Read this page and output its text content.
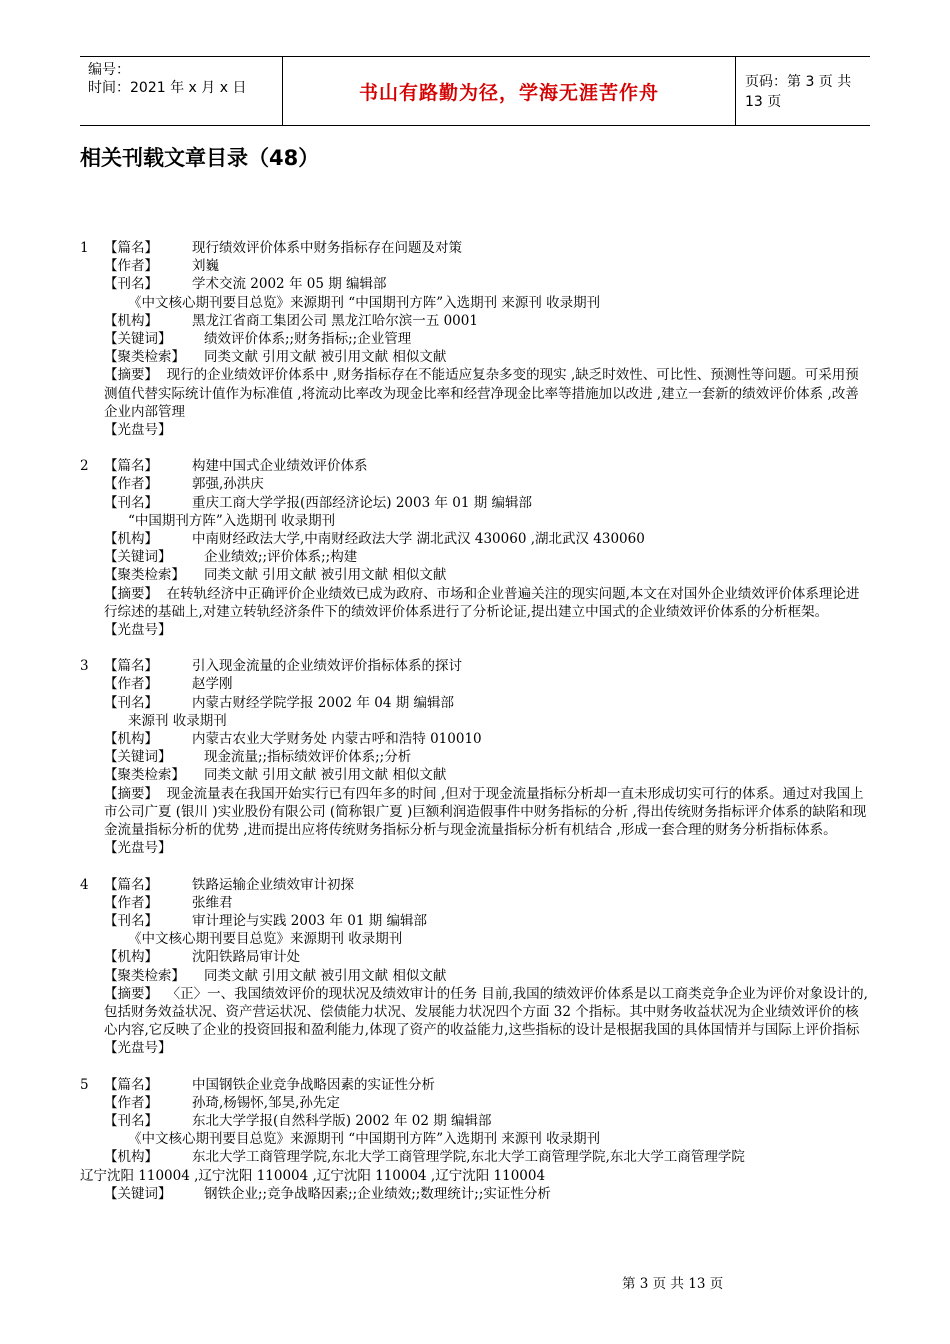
编号：
时间：2021 年 x 月 x 日	书山有路勤为径，学海无涯苦作舟	页码：第 3 页 共 13 页
相关刊载文章目录（48）
1 【篇名】	现行绩效评价体系中财务指标存在问题及对策
【作者】	刘巍
【刊名】	学术交流 2002 年 05 期 编辑部
《中文核心期刊要目总览》来源期刊 “中国期刊方阵”入选期刊 来源刊 收录期刊
【机构】	黑龙江省商工集团公司 黑龙江哈尔滨一五 0001
【关键词】 绩效评价体系;;财务指标;;企业管理
【聚类检索】 同类文献 引用文献 被引用文献 相似文献
【摘要】 现行的企业绩效评价体系中 ,财务指标存在不能适应复杂多变的现实 ,缺乏时效性、可比性、预测性等问题。可采用预测值代替实际统计值作为标准值 ,将流动比率改为现金比率和经营净现金比率等措施加以改进 ,建立一套新的绩效评价体系 ,改善企业内部管理
【光盘号】
2 【篇名】	构建中国式企业绩效评价体系
【作者】	郭强,孙洪庆
【刊名】	重庆工商大学学报(西部经济论坛) 2003 年 01 期 编辑部
“中国期刊方阵”入选期刊 收录期刊
【机构】	中南财经政法大学,中南财经政法大学 湖北武汉 430060 ,湖北武汉 430060
【关键词】 企业绩效;;评价体系;;构建
【聚类检索】 同类文献 引用文献 被引用文献 相似文献
【摘要】 在转轨经济中正确评价企业绩效已成为政府、市场和企业普遍关注的现实问题,本文在对国外企业绩效评价体系理论进行综述的基础上,对建立转轨经济条件下的绩效评价体系进行了分析论证,提出建立中国式的企业绩效评价体系的分析框架。
【光盘号】
3 【篇名】	引入现金流量的企业绩效评价指标体系的探讨
【作者】	赵学刚
【刊名】	内蒙古财经学院学报 2002 年 04 期 编辑部
来源刊 收录期刊
【机构】	内蒙古农业大学财务处 内蒙古呼和浩特 010010
【关键词】 现金流量;;指标绩效评价体系;;分析
【聚类检索】 同类文献 引用文献 被引用文献 相似文献
【摘要】 现金流量表在我国开始实行已有四年多的时间 ,但对于现金流量指标分析却一直未形成切实可行的体系。通过对我国上市公司广夏 (银川 )实业股份有限公司 (简称银广夏 )巨额利润造假事件中财务指标的分析 ,得出传统财务指标评介体系的缺陷和现金流量指标分析的优势 ,进而提出应将传统财务指标分析与现金流量指标分析有机结合 ,形成一套合理的财务分析指标体系。
【光盘号】
4 【篇名】	铁路运输企业绩效审计初探
【作者】	张维君
【刊名】	审计理论与实践 2003 年 01 期 编辑部
《中文核心期刊要目总览》来源期刊 收录期刊
【机构】	沈阳铁路局审计处
【聚类检索】 同类文献 引用文献 被引用文献 相似文献
【摘要】 〈正〉一、我国绩效评价的现状况及绩效审计的任务 目前,我国的绩效评价体系是以工商类竞争企业为评价对象设计的,包括财务效益状况、资产营运状况、偿债能力状况、发展能力状况四个方面 32 个指标。其中财务收益状况为企业绩效评价的核心内容,它反映了企业的投资回报和盈利能力,体现了资产的收益能力,这些指标的设计是根据我国的具体国情并与国际上评价指标
【光盘号】
5 【篇名】	中国钢铁企业竞争战略因素的实证性分析
【作者】	孙琦,杨锡怀,邹昊,孙先定
【刊名】	东北大学学报(自然科学版) 2002 年 02 期 编辑部
《中文核心期刊要目总览》来源期刊 “中国期刊方阵”入选期刊 来源刊 收录期刊
【机构】	东北大学工商管理学院,东北大学工商管理学院,东北大学工商管理学院,东北大学工商管理学院
辽宁沈阳 110004 ,辽宁沈阳 110004 ,辽宁沈阳 110004 ,辽宁沈阳 110004
【关键词】 钢铁企业;;竞争战略因素;;企业绩效;;数理统计;;实证性分析
第 3 页 共 13 页
